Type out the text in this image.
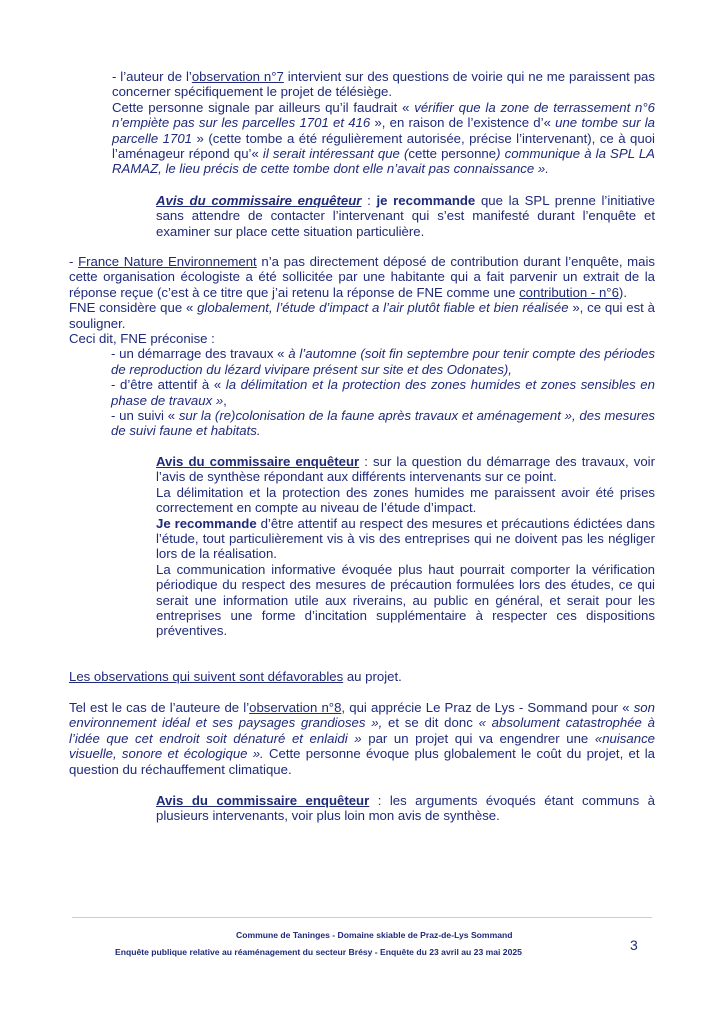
- l’auteur de l’observation n°7 intervient sur des questions de voirie qui ne me paraissent pas concerner spécifiquement le projet de télésiège.

Cette personne signale par ailleurs qu’il faudrait « vérifier que la zone de terrassement n°6 n’empiète pas sur les parcelles 1701 et 416 », en raison de l’existence d’« une tombe sur la parcelle 1701 » (cette tombe a été régulièrement autorisée, précise l’intervenant), ce à quoi l’aménageur répond qu’« il serait intéressant que (cette personne) communique à la SPL LA RAMAZ, le lieu précis de cette tombe dont elle n’avait pas connaissance ».

Avis du commissaire enquêteur : je recommande que la SPL prenne l’initiative sans attendre de contacter l’intervenant qui s’est manifesté durant l’enquête et examiner sur place cette situation particulière.

- France Nature Environnement n’a pas directement déposé de contribution durant l’enquête, mais cette organisation écologiste a été sollicitée par une habitante qui a fait parvenir un extrait de la réponse reçue (c’est à ce titre que j’ai retenu la réponse de FNE comme une contribution - n°6).

FNE considère que « globalement, l’étude d’impact a l’air plutôt fiable et bien réalisée », ce qui est à souligner.

Ceci dit, FNE préconise :

- un démarrage des travaux « à l’automne (soit fin septembre pour tenir compte des périodes de reproduction du lézard vivipare présent sur site et des Odonates),

- d’être attentif à « la délimitation et la protection des zones humides et zones sensibles en phase de travaux »,

- un suivi « sur la (re)colonisation de la faune après travaux et aménagement », des mesures de suivi faune et habitats.

Avis du commissaire enquêteur : sur la question du démarrage des travaux, voir l’avis de synthèse répondant aux différents intervenants sur ce point.

La délimitation et la protection des zones humides me paraissent avoir été prises correctement en compte au niveau de l’étude d’impact.

Je recommande d’être attentif au respect des mesures et précautions édictées dans l’étude, tout particulièrement vis à vis des entreprises qui ne doivent pas les négliger lors de la réalisation.

La communication informative évoquée plus haut pourrait comporter la vérification périodique du respect des mesures de précaution formulées lors des études, ce qui serait une information utile aux riverains, au public en général, et serait pour les entreprises une forme d’incitation supplémentaire à respecter ces dispositions préventives.

Les observations qui suivent sont défavorables au projet.

Tel est le cas de l’auteure de l’observation n°8, qui apprécie Le Praz de Lys - Sommand pour « son environnement idéal et ses paysages grandioses », et se dit donc « absolument catastrophée à l’idée que cet endroit soit dénaturé et enlaidi » par un projet qui va engendrer une «nuisance visuelle, sonore et écologique ». Cette personne évoque plus globalement le coût du projet, et la question du réchauffement climatique.

Avis du commissaire enquêteur : les arguments évoqués étant communs à plusieurs intervenants, voir plus loin mon avis de synthèse.

Commune de Taninges - Domaine skiable de Praz-de-Lys Sommand
Enquête publique relative au réaménagement du secteur Brésy - Enquête du 23 avril au 23 mai 2025	3
